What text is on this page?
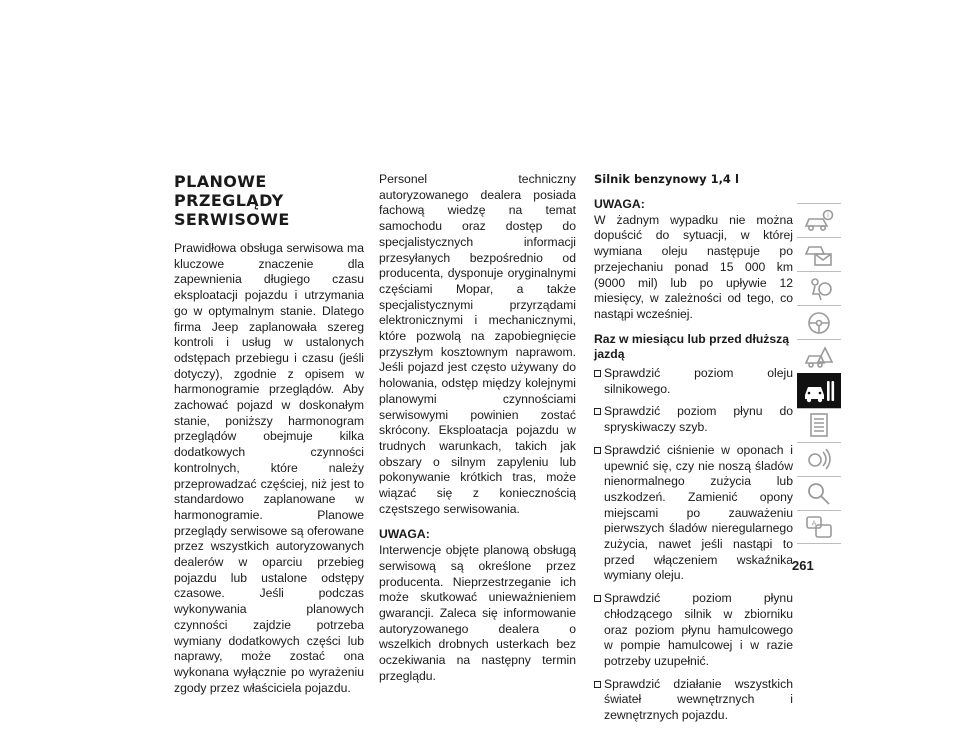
PLANOWE PRZEGLĄDY SERWISOWE

Prawidłowa obsługa serwisowa ma kluczowe znaczenie dla zapewnienia długiego czasu eksploatacji pojazdu i utrzymania go w optymalnym stanie. Dlatego firma Jeep zaplanowała szereg kontroli i usług w ustalonych odstępach przebiegu i czasu (jeśli dotyczy), zgodnie z opisem w harmonogramie przeglądów. Aby zachować pojazd w doskonałym stanie, poniższy harmonogram przeglądów obejmuje kilka dodatkowych czynności kontrolnych, które należy przeprowadzać częściej, niż jest to standardowo zaplanowane w harmonogramie. Planowe przeglądy serwisowe są oferowane przez wszystkich autoryzowanych dealerów w oparciu przebieg pojazdu lub ustalone odstępy czasowe. Jeśli podczas wykonywania planowych czynności zajdzie potrzeba wymiany dodatkowych części lub naprawy, może zostać ona wykonana wyłącznie po wyrażeniu zgody przez właściciela pojazdu.

Personel techniczny autoryzowanego dealera posiada fachową wiedzę na temat samochodu oraz dostęp do specjalistycznych informacji przesyłanych bezpośrednio od producenta, dysponuje oryginalnymi częściami Mopar, a także specjalistycznymi przyrządami elektronicznymi i mechanicznymi, które pozwolą na zapobiegnięcie przyszłym kosztownym naprawom. Jeśli pojazd jest często używany do holowania, odstęp między kolejnymi planowymi czynnościami serwisowymi powinien zostać skrócony. Eksploatacja pojazdu w trudnych warunkach, takich jak obszary o silnym zapyleniu lub pokonywanie krótkich tras, może wiązać się z koniecznością częstszego serwisowania.

UWAGA:

Interwencje objęte planową obsługą serwisową są określone przez producenta. Nieprzestrzeganie ich może skutkować unieważnieniem gwarancji. Zaleca się informowanie autoryzowanego dealera o wszelkich drobnych usterkach bez oczekiwania na następny termin przeglądu.

Silnik benzynowy 1,4 l
UWAGA:

W żadnym wypadku nie można dopuścić do sytuacji, w której wymiana oleju następuje po przejechaniu ponad 15 000 km (9000 mil) lub po upływie 12 miesięcy, w zależności od tego, co nastąpi wcześniej.

Raz w miesiącu lub przed dłuższą jazdą
Sprawdzić poziom oleju silnikowego.
Sprawdzić poziom płynu do spryskiwaczy szyb.
Sprawdzić ciśnienie w oponach i upewnić się, czy nie noszą śladów nienormalnego zużycia lub uszkodzeń. Zamienić opony miejscami po zauważeniu pierwszych śladów nieregularnego zużycia, nawet jeśli nastąpi to przed włączeniem wskaźnika wymiany oleju.
Sprawdzić poziom płynu chłodzącego silnik w zbiorniku oraz poziom płynu hamulcowego w pompie hamulcowej i w razie potrzeby uzupełnić.
Sprawdzić działanie wszystkich świateł wewnętrznych i zewnętrznych pojazdu.
i
A
261
